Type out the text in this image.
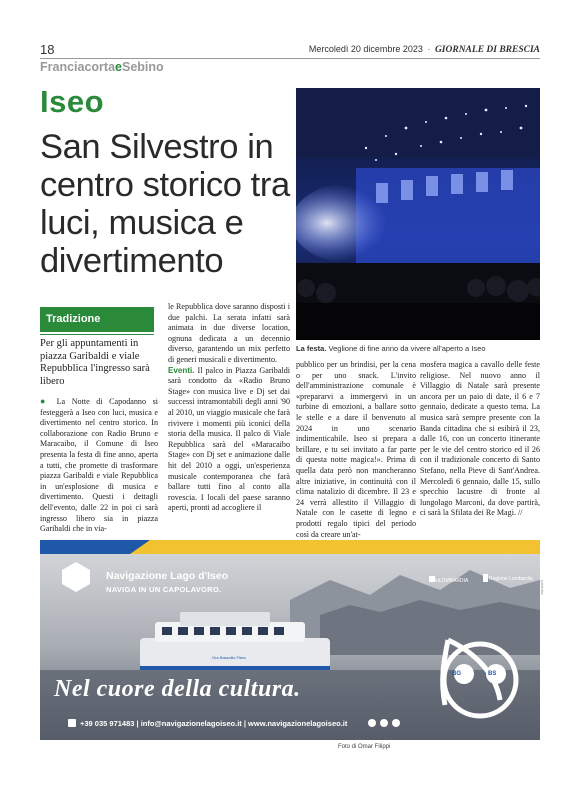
18	Mercoledì 20 dicembre 2023 · GIORNALE DI BRESCIA
FranciacortaeSebino
Iseo
San Silvestro in centro storico tra luci, musica e divertimento
La festa. Veglione di fine anno da vivere all'aperto a Iseo
Tradizione
Per gli appuntamenti in piazza Garibaldi e viale Repubblica l'ingresso sarà libero
● La Notte di Capodanno si festeggerà a Iseo con luci, musica e divertimento nel centro storico. In collaborazione con Radio Bruno e Maracaibo, il Comune di Iseo presenta la festa di fine anno, aperta a tutti, che promette di trasformare piazza Garibaldi e viale Repubblica in un'esplosione di musica e divertimento. Questi i dettagli dell'evento, dalle 22 in poi ci sarà ingresso libero sia in piazza Garibaldi che in via-
le Repubblica dove saranno disposti i due palchi. La serata infatti sarà animata in due diverse location, ognuna dedicata a un decennio diverso, garantendo un mix perfetto di generi musicali e divertimento.
Eventi. Il palco in Piazza Garibaldi sarà condotto da «Radio Bruno Stage» con musica live e Dj set dai successi intramontabili degli anni '90 al 2010, un viaggio musicale che farà rivivere i momenti più iconici della storia della musica. Il palco di Viale Repubblica sarà del «Maracaibo Stage» con Dj set e animazione dalle hit del 2010 a oggi, un'esperienza musicale contemporanea che farà ballare tutti fino al conto alla rovescia. I locali del paese saranno aperti, pronti ad accogliere il
pubblico per un brindisi, per la cena o per uno snack. L'invito dell'amministrazione comunale è «prepararvi a immergervi in un turbine di emozioni, a ballare sotto le stelle e a dare il benvenuto al 2024 in uno scenario indimenticabile. Iseo si prepara a brillare, e tu sei invitato a far parte di questa notte magica!». Prima di quella data però non mancheranno altre iniziative, in continuità con il clima natalizio di dicembre. Il 23 e 24 verrà allestito il Villaggio di Natale con le casette di legno e prodotti regalo tipici del periodo così da creare un'at-
mosfera magica a cavallo delle feste religiose. Nel nuovo anno il Villaggio di Natale sarà presente ancora per un paio di date, il 6 e 7 gennaio, dedicate a questo tema. La musica sarà sempre presente con la Banda cittadina che si esibirà il 23, dalle 16, con un concerto itinerante per le vie del centro storico ed il 26 con il tradizionale concerto di Santo Stefano, nella Pieve di Sant'Andrea. Mercoledì 6 gennaio, dalle 15, sullo specchio lacustre di fronte al lungolago Marconi, da dove partirà, ci sarà la Sfilata dei Re Magi. //
Navigazione Lago d'Iseo
NAVIGA IN UN CAPOLAVORO.
inLOMBARDIA	Regione Lombardia
Ora Bassotto Fiera
BG	BS
Nel cuore della cultura.
+39 035 971483 | info@navigazionelagoiseo.it | www.navigazionelagoiseo.it
Foto di Omar Filippi
publicitas
